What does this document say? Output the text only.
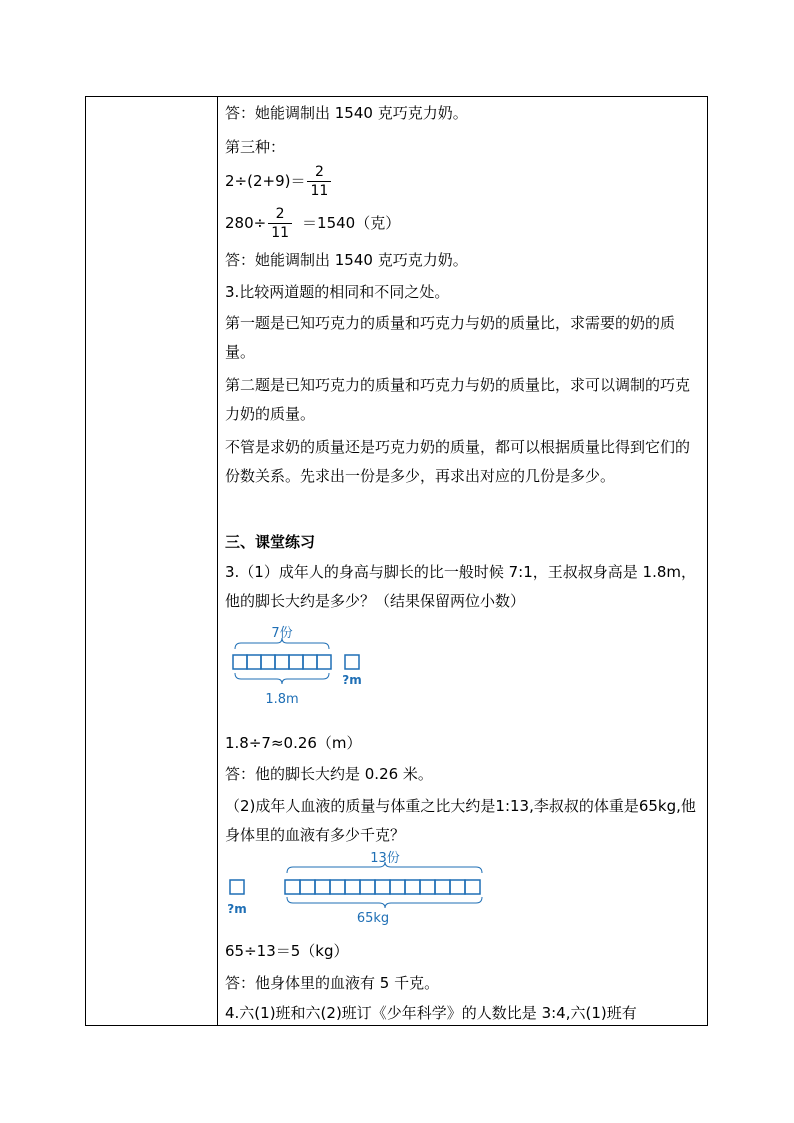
答：她能调制出 1540 克巧克力奶。
第三种：
$2\div(2+9)= \frac{2}{11}$
$280\div \frac{2}{11} =1540$（克）
答：她能调制出 1540 克巧克力奶。
3.比较两道题的相同和不同之处。
第一题是已知巧克力的质量和巧克力与奶的质量比，求需要的奶的质量。
第二题是已知巧克力的质量和巧克力与奶的质量比，求可以调制的巧克力奶的质量。
不管是求奶的质量还是巧克力奶的质量，都可以根据质量比得到它们的份数关系。先求出一份是多少，再求出对应的几份是多少。
三、课堂练习
3.（1）成年人的身高与脚长的比一般时候 7:1，王叔叔身高是 1.8m，他的脚长大约是多少？（结果保留两位小数）
7份
?m
1.8m
1.8÷7≈0.26（m）
答：他的脚长大约是 0.26 米。
（2)成年人血液的质量与体重之比大约是1:13,李叔叔的体重是65kg,他身体里的血液有多少千克？
13份
?m
65kg
65÷13＝5（kg）
答：他身体里的血液有 5 千克。
4.六(1)班和六(2)班订《少年科学》的人数比是 3:4,六(1)班有
